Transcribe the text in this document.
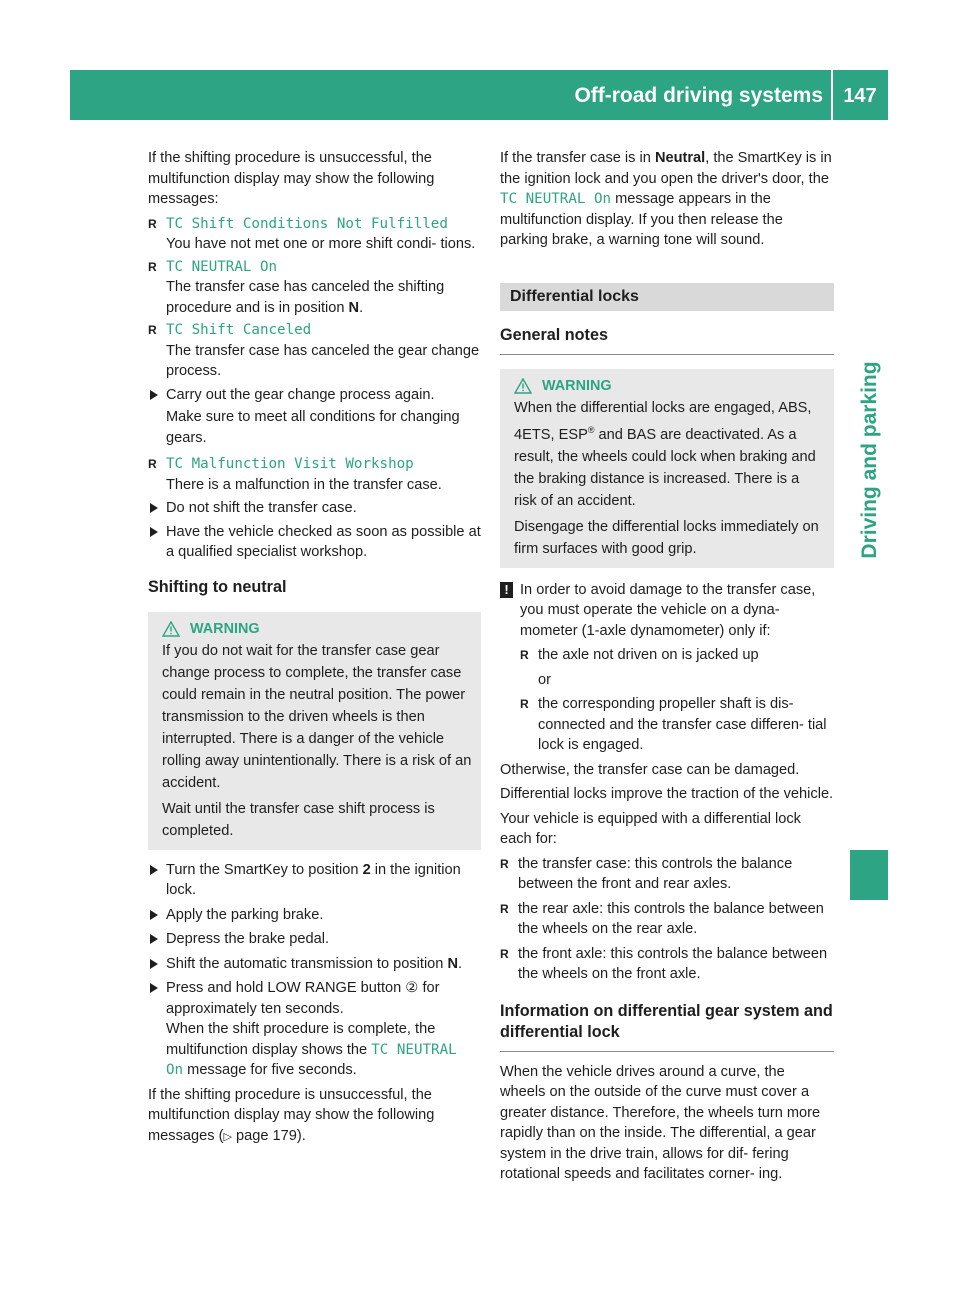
Off-road driving systems 147
Driving and parking

If the shifting procedure is unsuccessful, the multifunction display may show the following messages:

R TC Shift Conditions Not Fulfilled

You have not met one or more shift condi- tions.

R TC NEUTRAL On

The transfer case has canceled the shifting procedure and is in position N.

R TC Shift Canceled

The transfer case has canceled the gear change process.

Carry out the gear change process again.

Make sure to meet all conditions for changing gears.

R TC Malfunction Visit Workshop

There is a malfunction in the transfer case.

Do not shift the transfer case.

Have the vehicle checked as soon as possible at a qualified specialist workshop.

Shifting to neutral

WARNING

If you do not wait for the transfer case gear change process to complete, the transfer case could remain in the neutral position. The power transmission to the driven wheels is then interrupted. There is a danger of the vehicle rolling away unintentionally. There is a risk of an accident.

Wait until the transfer case shift process is completed.

Turn the SmartKey to position 2 in the ignition lock.

Apply the parking brake.

Depress the brake pedal.

Shift the automatic transmission to position N.

Press and hold LOW RANGE button ② for approximately ten seconds.
When the shift procedure is complete, the multifunction display shows the TC NEUTRAL On message for five seconds.

If the shifting procedure is unsuccessful, the multifunction display may show the following messages (▷ page 179).

If the transfer case is in Neutral, the SmartKey is in the ignition lock and you open the driver's door, the TC NEUTRAL On message appears in the multifunction display. If you then release the parking brake, a warning tone will sound.

Differential locks

General notes

WARNING

When the differential locks are engaged, ABS, 4ETS, ESP® and BAS are deactivated. As a result, the wheels could lock when braking and the braking distance is increased. There is a risk of an accident.

Disengage the differential locks immediately on firm surfaces with good grip.

! In order to avoid damage to the transfer case, you must operate the vehicle on a dyna- mometer (1-axle dynamometer) only if:

R the axle not driven on is jacked up

or

R the corresponding propeller shaft is dis- connected and the transfer case differen- tial lock is engaged.

Otherwise, the transfer case can be damaged.

Differential locks improve the traction of the vehicle.

Your vehicle is equipped with a differential lock each for:

R the transfer case: this controls the balance between the front and rear axles.
R the rear axle: this controls the balance between the wheels on the rear axle.
R the front axle: this controls the balance between the wheels on the front axle.

Information on differential gear system and differential lock

When the vehicle drives around a curve, the wheels on the outside of the curve must cover a greater distance. Therefore, the wheels turn more rapidly than on the inside. The differential, a gear system in the drive train, allows for dif- fering rotational speeds and facilitates corner- ing.
